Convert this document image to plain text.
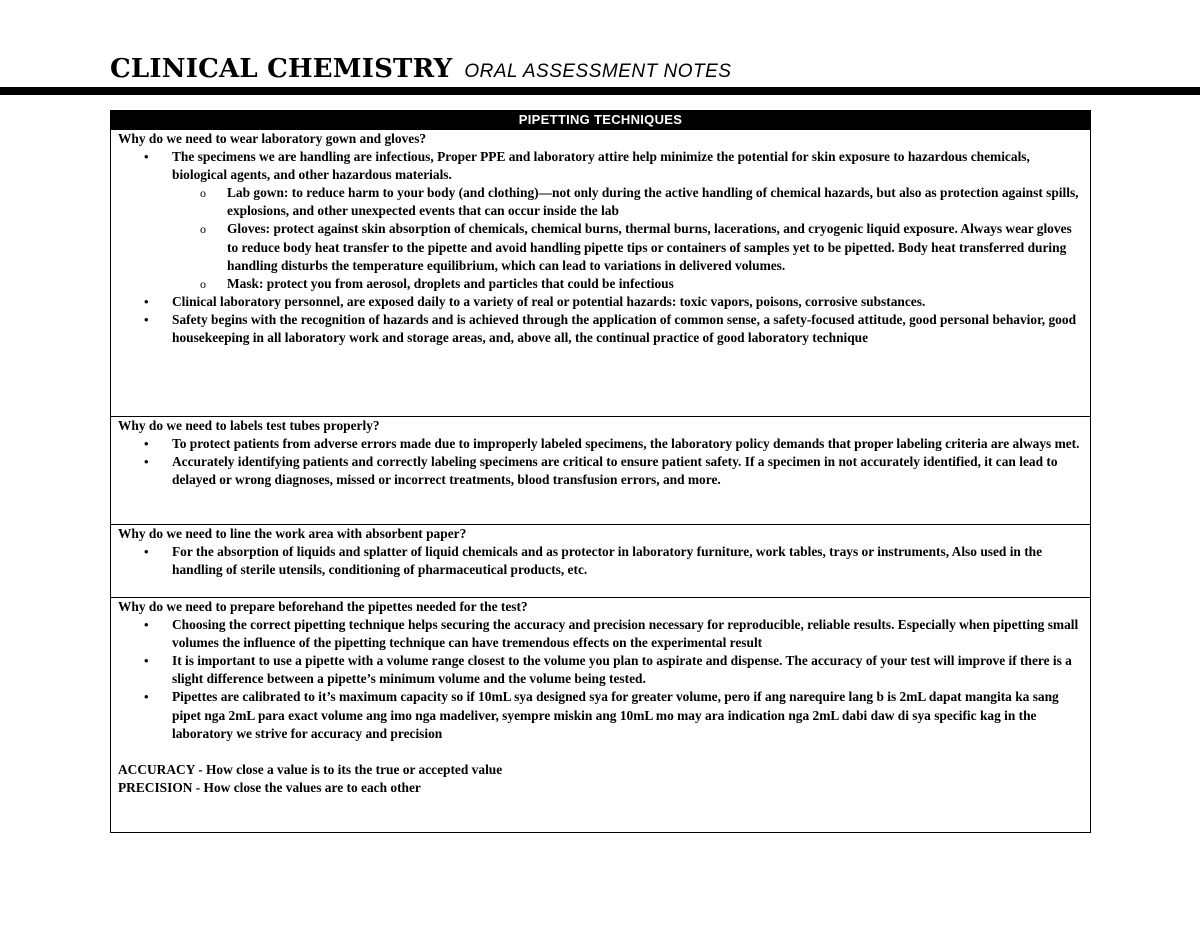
CLINICAL CHEMISTRY ORAL ASSESSMENT NOTES
PIPETTING TECHNIQUES

Why do we need to wear laboratory gown and gloves?

• The specimens we are handling are infectious, Proper PPE and laboratory attire help minimize the potential for skin exposure to hazardous chemicals, biological agents, and other hazardous materials.
o Lab gown: to reduce harm to your body (and clothing)—not only during the active handling of chemical hazards, but also as protection against spills, explosions, and other unexpected events that can occur inside the lab
o Gloves: protect against skin absorption of chemicals, chemical burns, thermal burns, lacerations, and cryogenic liquid exposure. Always wear gloves to reduce body heat transfer to the pipette and avoid handling pipette tips or containers of samples yet to be pipetted. Body heat transferred during handling disturbs the temperature equilibrium, which can lead to variations in delivered volumes.
o Mask: protect you from aerosol, droplets and particles that could be infectious
• Clinical laboratory personnel, are exposed daily to a variety of real or potential hazards: toxic vapors, poisons, corrosive substances.
• Safety begins with the recognition of hazards and is achieved through the application of common sense, a safety-focused attitude, good personal behavior, good housekeeping in all laboratory work and storage areas, and, above all, the continual practice of good laboratory technique

Why do we need to labels test tubes properly?

• To protect patients from adverse errors made due to improperly labeled specimens, the laboratory policy demands that proper labeling criteria are always met.
• Accurately identifying patients and correctly labeling specimens are critical to ensure patient safety. If a specimen in not accurately identified, it can lead to delayed or wrong diagnoses, missed or incorrect treatments, blood transfusion errors, and more.

Why do we need to line the work area with absorbent paper?

• For the absorption of liquids and splatter of liquid chemicals and as protector in laboratory furniture, work tables, trays or instruments, Also used in the handling of sterile utensils, conditioning of pharmaceutical products, etc.

Why do we need to prepare beforehand the pipettes needed for the test?

• Choosing the correct pipetting technique helps securing the accuracy and precision necessary for reproducible, reliable results. Especially when pipetting small volumes the influence of the pipetting technique can have tremendous effects on the experimental result
• It is important to use a pipette with a volume range closest to the volume you plan to aspirate and dispense. The accuracy of your test will improve if there is a slight difference between a pipette’s minimum volume and the volume being tested.
• Pipettes are calibrated to it’s maximum capacity so if 10mL sya designed sya for greater volume, pero if ang narequire lang b is 2mL dapat mangita ka sang pipet nga 2mL para exact volume ang imo nga madeliver, syempre miskin ang 10mL mo may ara indication nga 2mL dabi daw di sya specific kag in the laboratory we strive for accuracy and precision

ACCURACY - How close a value is to its the true or accepted value

PRECISION - How close the values are to each other
